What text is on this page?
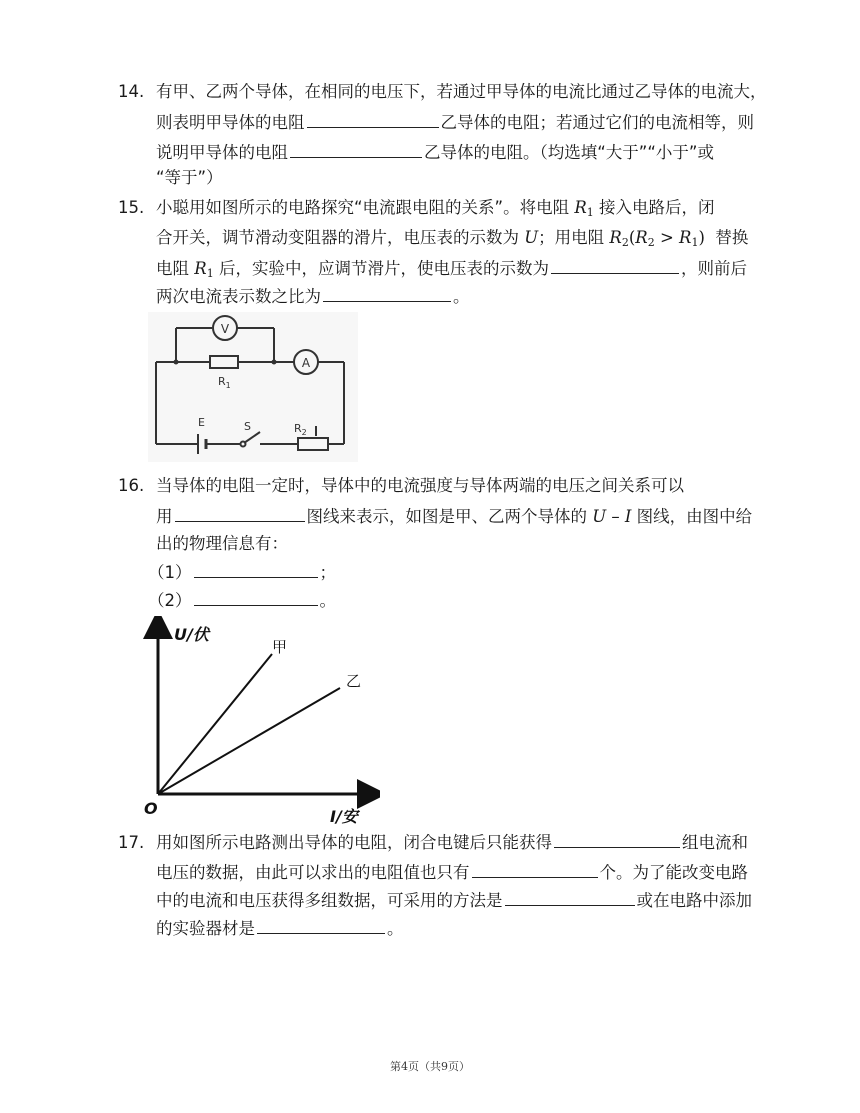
14. 有甲、乙两个导体，在相同的电压下，若通过甲导体的电流比通过乙导体的电流大，
则表明甲导体的电阻	乙导体的电阻；若通过它们的电流相等，则
说明甲导体的电阻	乙导体的电阻。（均选填“大于”“小于”或
“等于”）
15. 小聪用如图所示的电路探究“电流跟电阻的关系”。将电阻 $R_1$ 接入电路后，闭
合开关，调节滑动变阻器的滑片，电压表的示数为 U；用电阻 $R_2(R_2 > R_1)$ 替换
电阻 $R_1$ 后，实验中，应调节滑片，使电压表的示数为	，则前后
两次电流表示数之比为	。
V
A
$R_1$
E	S	$R_2$
16. 当导体的电阻一定时，导体中的电流强度与导体两端的电压之间关系可以
用	图线来表示，如图是甲、乙两个导体的 U – I 图线，由图中给
出的物理信息有：
（1）	；
（2）	。
U/伏
I/安
O
甲
乙
17. 用如图所示电路测出导体的电阻，闭合电键后只能获得	组电流和
电压的数据，由此可以求出的电阻值也只有	个。为了能改变电路
中的电流和电压获得多组数据，可采用的方法是	或在电路中添加
的实验器材是	。
第4页（共9页）
